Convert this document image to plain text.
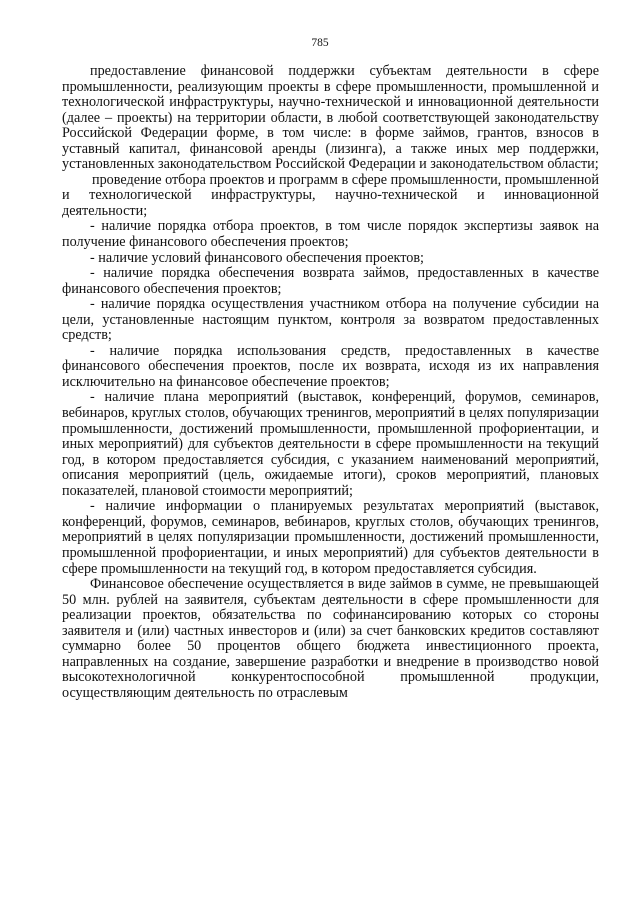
785

предоставление финансовой поддержки субъектам деятельности в сфере промышленности, реализующим проекты в сфере промышленности, промышленной и технологической инфраструктуры, научно-технической и инновационной деятельности (далее – проекты) на территории области, в любой соответствующей законодательству Российской Федерации форме, в том числе: в форме займов, грантов, взносов в уставный капитал, финансовой аренды (лизинга), а также иных мер поддержки, установленных законодательством Российской Федерации и законодательством области;

проведение отбора проектов и программ в сфере промышленности, промышленной и технологической инфраструктуры, научно-технической и инновационной деятельности;

- наличие порядка отбора проектов, в том числе порядок экспертизы заявок на получение финансового обеспечения проектов;

- наличие условий финансового обеспечения проектов;

- наличие порядка обеспечения возврата займов, предоставленных в качестве финансового обеспечения проектов;

- наличие порядка осуществления участником отбора на получение субсидии на цели, установленные настоящим пунктом, контроля за возвратом предоставленных средств;

- наличие порядка использования средств, предоставленных в качестве финансового обеспечения проектов, после их возврата, исходя из их направления исключительно на финансовое обеспечение проектов;

- наличие плана мероприятий (выставок, конференций, форумов, семинаров, вебинаров, круглых столов, обучающих тренингов, мероприятий в целях популяризации промышленности, достижений промышленности, промышленной профориентации, и иных мероприятий) для субъектов деятельности в сфере промышленности на текущий год, в котором предоставляется субсидия, с указанием наименований мероприятий, описания мероприятий (цель, ожидаемые итоги), сроков мероприятий, плановых показателей, плановой стоимости мероприятий;

- наличие информации о планируемых результатах мероприятий (выставок, конференций, форумов, семинаров, вебинаров, круглых столов, обучающих тренингов, мероприятий в целях популяризации промышленности, достижений промышленности, промышленной профориентации, и иных мероприятий) для субъектов деятельности в сфере промышленности на текущий год, в котором предоставляется субсидия.

Финансовое обеспечение осуществляется в виде займов в сумме, не превышающей 50 млн. рублей на заявителя, субъектам деятельности в сфере промышленности для реализации проектов, обязательства по софинансированию которых со стороны заявителя и (или) частных инвесторов и (или) за счет банковских кредитов составляют суммарно более 50 процентов общего бюджета инвестиционного проекта, направленных на создание, завершение разработки и внедрение в производство новой высокотехнологичной конкурентоспособной промышленной продукции, осуществляющим деятельность по отраслевым
